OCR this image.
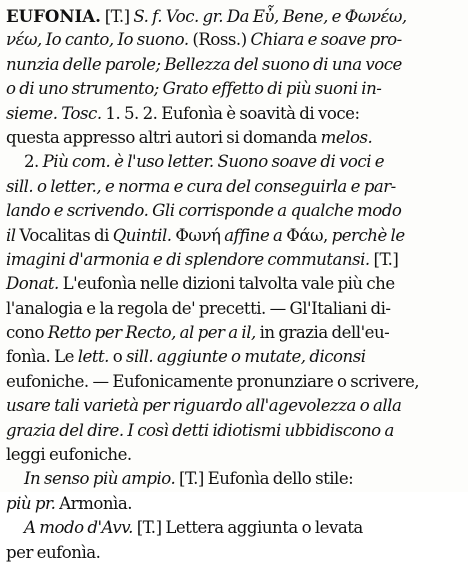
EUFONIA. [T.] S. f. Voc. gr. Da Εὖ, Bene, e Φωνέω,
νέω, Io canto, Io suono. (Ross.) Chiara e soave pro-
nunzia delle parole; Bellezza del suono di una voce
o di uno strumento; Grato effetto di più suoni in-
sieme. Tosc. 1. 5. 2. Eufonìa è soavità di voce:
questa appresso altri autori si domanda melos.
2. Più com. è l'uso letter. Suono soave di voci e
sill. o letter., e norma e cura del conseguirla e par-
lando e scrivendo. Gli corrisponde a qualche modo
il Vocalitas di Quintil. Φωνή affine a Φάω, perchè le
imagini d'armonia e di splendore commutansi. [T.]
Donat. L'eufonìa nelle dizioni talvolta vale più che
l'analogia e la regola de' precetti. — Gl'Italiani di-
cono Retto per Recto, al per a il, in grazia dell'eu-
fonìa. Le lett. o sill. aggiunte o mutate, diconsi
eufoniche. — Eufonicamente pronunziare o scrivere,
usare tali varietà per riguardo all'agevolezza o alla
grazia del dire. I così detti idiotismi ubbidiscono a
leggi eufoniche.
In senso più ampio. [T.] Eufonìa dello stile:
più pr. Armonìa.
A modo d'Avv. [T.] Lettera aggiunta o levata
per eufonìa.
